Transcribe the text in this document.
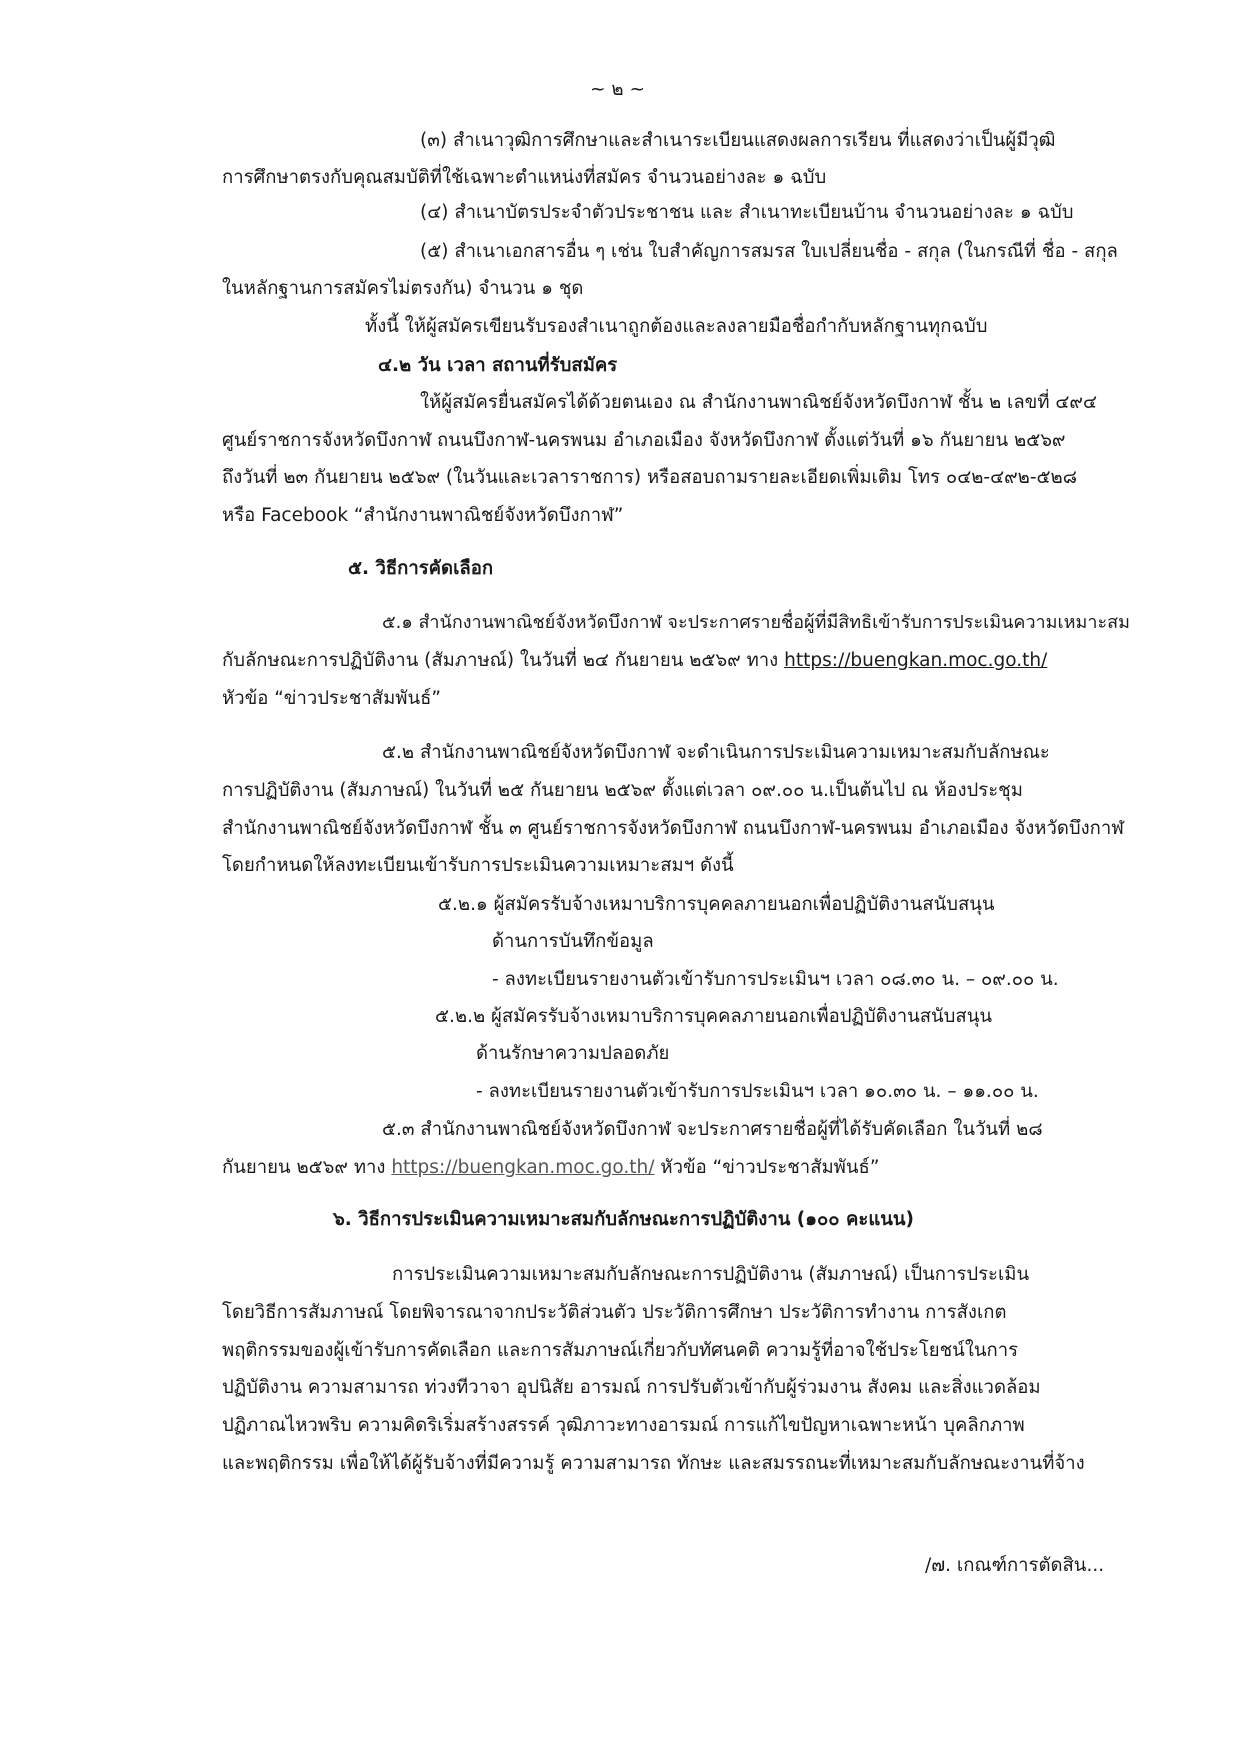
~ ๒ ~
(๓) สำเนาวุฒิการศึกษาและสำเนาระเบียนแสดงผลการเรียน ที่แสดงว่าเป็นผู้มีวุฒิ
การศึกษาตรงกับคุณสมบัติที่ใช้เฉพาะตำแหน่งที่สมัคร จำนวนอย่างละ ๑ ฉบับ
(๔) สำเนาบัตรประจำตัวประชาชน และ สำเนาทะเบียนบ้าน จำนวนอย่างละ ๑ ฉบับ
(๕) สำเนาเอกสารอื่น ๆ เช่น ใบสำคัญการสมรส ใบเปลี่ยนชื่อ - สกุล (ในกรณีที่ ชื่อ - สกุล
ในหลักฐานการสมัครไม่ตรงกัน) จำนวน ๑ ชุด
ทั้งนี้ ให้ผู้สมัครเขียนรับรองสำเนาถูกต้องและลงลายมือชื่อกำกับหลักฐานทุกฉบับ
๔.๒ วัน เวลา สถานที่รับสมัคร
ให้ผู้สมัครยื่นสมัครได้ด้วยตนเอง ณ สำนักงานพาณิชย์จังหวัดบึงกาฬ ชั้น ๒ เลขที่ ๔๙๔
ศูนย์ราชการจังหวัดบึงกาฬ ถนนบึงกาฬ-นครพนม อำเภอเมือง จังหวัดบึงกาฬ ตั้งแต่วันที่ ๑๖ กันยายน ๒๕๖๙
ถึงวันที่ ๒๓ กันยายน ๒๕๖๙ (ในวันและเวลาราชการ) หรือสอบถามรายละเอียดเพิ่มเติม โทร ๐๔๒-๔๙๒-๕๒๘
หรือ Facebook “สำนักงานพาณิชย์จังหวัดบึงกาฬ”
๕. วิธีการคัดเลือก
๕.๑ สำนักงานพาณิชย์จังหวัดบึงกาฬ จะประกาศรายชื่อผู้ที่มีสิทธิเข้ารับการประเมินความเหมาะสม
กับลักษณะการปฏิบัติงาน (สัมภาษณ์) ในวันที่ ๒๔ กันยายน ๒๕๖๙ ทาง https://buengkan.moc.go.th/
หัวข้อ “ข่าวประชาสัมพันธ์”
๕.๒ สำนักงานพาณิชย์จังหวัดบึงกาฬ จะดำเนินการประเมินความเหมาะสมกับลักษณะ
การปฏิบัติงาน (สัมภาษณ์) ในวันที่ ๒๕ กันยายน ๒๕๖๙ ตั้งแต่เวลา ๐๙.๐๐ น.เป็นต้นไป ณ ห้องประชุม
สำนักงานพาณิชย์จังหวัดบึงกาฬ ชั้น ๓ ศูนย์ราชการจังหวัดบึงกาฬ ถนนบึงกาฬ-นครพนม อำเภอเมือง จังหวัดบึงกาฬ
โดยกำหนดให้ลงทะเบียนเข้ารับการประเมินความเหมาะสมฯ ดังนี้
๕.๒.๑ ผู้สมัครรับจ้างเหมาบริการบุคคลภายนอกเพื่อปฏิบัติงานสนับสนุน
ด้านการบันทึกข้อมูล
- ลงทะเบียนรายงานตัวเข้ารับการประเมินฯ เวลา ๐๘.๓๐ น. – ๐๙.๐๐ น.
๕.๒.๒ ผู้สมัครรับจ้างเหมาบริการบุคคลภายนอกเพื่อปฏิบัติงานสนับสนุน
ด้านรักษาความปลอดภัย
- ลงทะเบียนรายงานตัวเข้ารับการประเมินฯ เวลา ๑๐.๓๐ น. – ๑๑.๐๐ น.
๕.๓ สำนักงานพาณิชย์จังหวัดบึงกาฬ จะประกาศรายชื่อผู้ที่ได้รับคัดเลือก ในวันที่ ๒๘
กันยายน ๒๕๖๙ ทาง https://buengkan.moc.go.th/ หัวข้อ “ข่าวประชาสัมพันธ์”
๖. วิธีการประเมินความเหมาะสมกับลักษณะการปฏิบัติงาน (๑๐๐ คะแนน)
การประเมินความเหมาะสมกับลักษณะการปฏิบัติงาน (สัมภาษณ์) เป็นการประเมิน
โดยวิธีการสัมภาษณ์ โดยพิจารณาจากประวัติส่วนตัว ประวัติการศึกษา ประวัติการทำงาน การสังเกต
พฤติกรรมของผู้เข้ารับการคัดเลือก และการสัมภาษณ์เกี่ยวกับทัศนคติ ความรู้ที่อาจใช้ประโยชน์ในการ
ปฏิบัติงาน ความสามารถ ท่วงทีวาจา อุปนิสัย อารมณ์ การปรับตัวเข้ากับผู้ร่วมงาน สังคม และสิ่งแวดล้อม
ปฏิภาณไหวพริบ ความคิดริเริ่มสร้างสรรค์ วุฒิภาวะทางอารมณ์ การแก้ไขปัญหาเฉพาะหน้า บุคลิกภาพ
และพฤติกรรม เพื่อให้ได้ผู้รับจ้างที่มีความรู้ ความสามารถ ทักษะ และสมรรถนะที่เหมาะสมกับลักษณะงานที่จ้าง
/๗. เกณฑ์การตัดสิน...
